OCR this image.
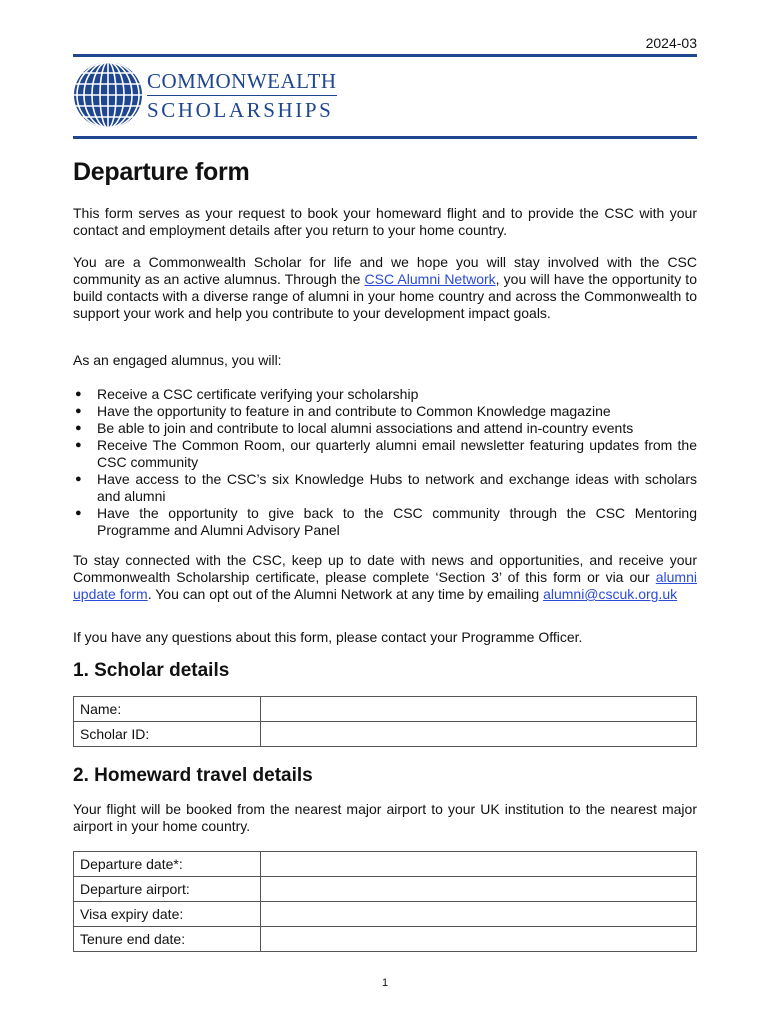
2024-03
COMMONWEALTH
SCHOLARSHIPS
Departure form

This form serves as your request to book your homeward flight and to provide the CSC with your contact and employment details after you return to your home country.

You are a Commonwealth Scholar for life and we hope you will stay involved with the CSC community as an active alumnus. Through the CSC Alumni Network, you will have the opportunity to build contacts with a diverse range of alumni in your home country and across the Commonwealth to support your work and help you contribute to your development impact goals.

As an engaged alumnus, you will:

● Receive a CSC certificate verifying your scholarship
● Have the opportunity to feature in and contribute to Common Knowledge magazine
● Be able to join and contribute to local alumni associations and attend in-country events
● Receive The Common Room, our quarterly alumni email newsletter featuring updates from the CSC community
● Have access to the CSC’s six Knowledge Hubs to network and exchange ideas with scholars and alumni
● Have the opportunity to give back to the CSC community through the CSC Mentoring Programme and Alumni Advisory Panel

To stay connected with the CSC, keep up to date with news and opportunities, and receive your Commonwealth Scholarship certificate, please complete ‘Section 3’ of this form or via our alumni update form. You can opt out of the Alumni Network at any time by emailing alumni@cscuk.org.uk

If you have any questions about this form, please contact your Programme Officer.

1. Scholar details
Name:	
Scholar ID:	
2. Homeward travel details

Your flight will be booked from the nearest major airport to your UK institution to the nearest major airport in your home country.

Departure date*:	
Departure airport:	
Visa expiry date:	
Tenure end date:	
1
